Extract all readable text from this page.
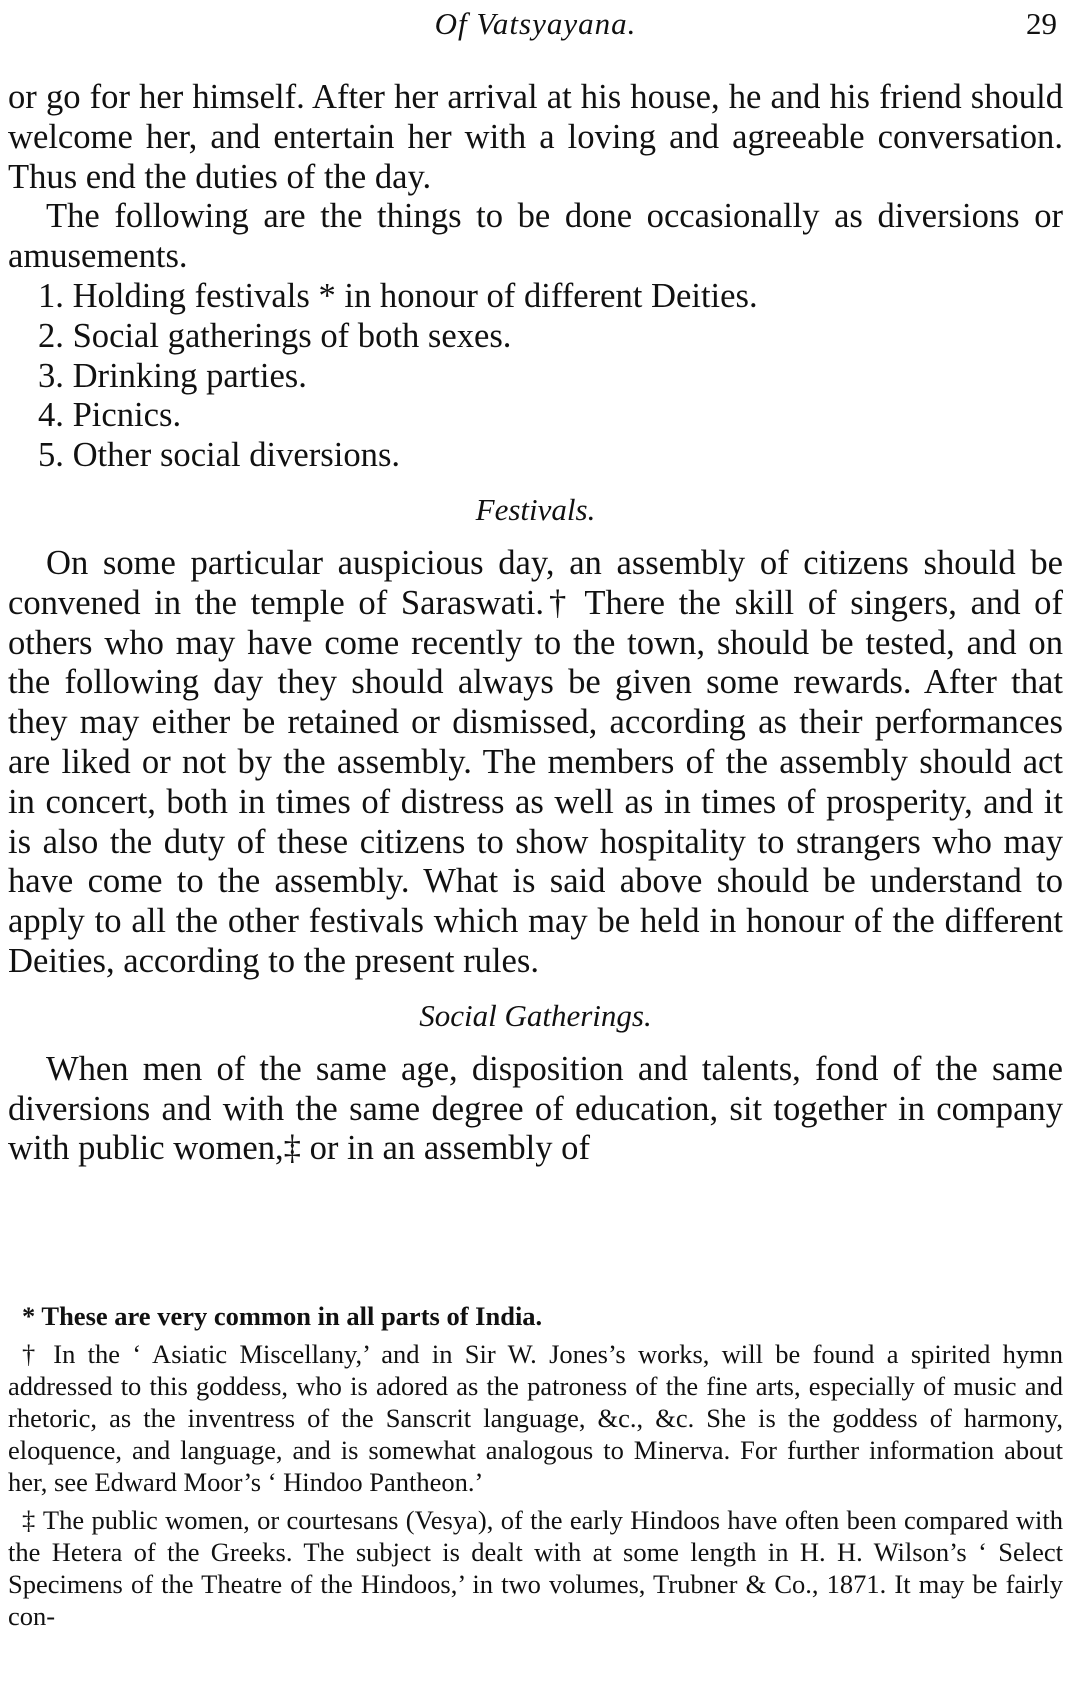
Of Vatsyayana.	29

or go for her himself. After her arrival at his house, he and his friend should welcome her, and entertain her with a loving and agreeable conversation. Thus end the duties of the day.

The following are the things to be done occasionally as diversions or amusements.

1. Holding festivals * in honour of different Deities.
2. Social gatherings of both sexes.
3. Drinking parties.
4. Picnics.
5. Other social diversions.
Festivals.

On some particular auspicious day, an assembly of citizens should be convened in the temple of Saraswati.† There the skill of singers, and of others who may have come recently to the town, should be tested, and on the following day they should always be given some rewards. After that they may either be retained or dismissed, according as their performances are liked or not by the assembly. The members of the assembly should act in concert, both in times of distress as well as in times of prosperity, and it is also the duty of these citizens to show hospitality to strangers who may have come to the assembly. What is said above should be understand to apply to all the other festivals which may be held in honour of the different Deities, according to the present rules.

Social Gatherings.

When men of the same age, disposition and talents, fond of the same diversions and with the same degree of education, sit together in company with public women,‡ or in an assembly of

* These are very common in all parts of India.

† In the ‘ Asiatic Miscellany,’ and in Sir W. Jones’s works, will be found a spirited hymn addressed to this goddess, who is adored as the patroness of the fine arts, especially of music and rhetoric, as the inventress of the Sanscrit language, &c., &c. She is the goddess of harmony, eloquence, and language, and is somewhat analogous to Minerva. For further information about her, see Edward Moor’s ‘ Hindoo Pantheon.’

‡ The public women, or courtesans (Vesya), of the early Hindoos have often been compared with the Hetera of the Greeks. The subject is dealt with at some length in H. H. Wilson’s ‘ Select Specimens of the Theatre of the Hindoos,’ in two volumes, Trubner & Co., 1871. It may be fairly con-
